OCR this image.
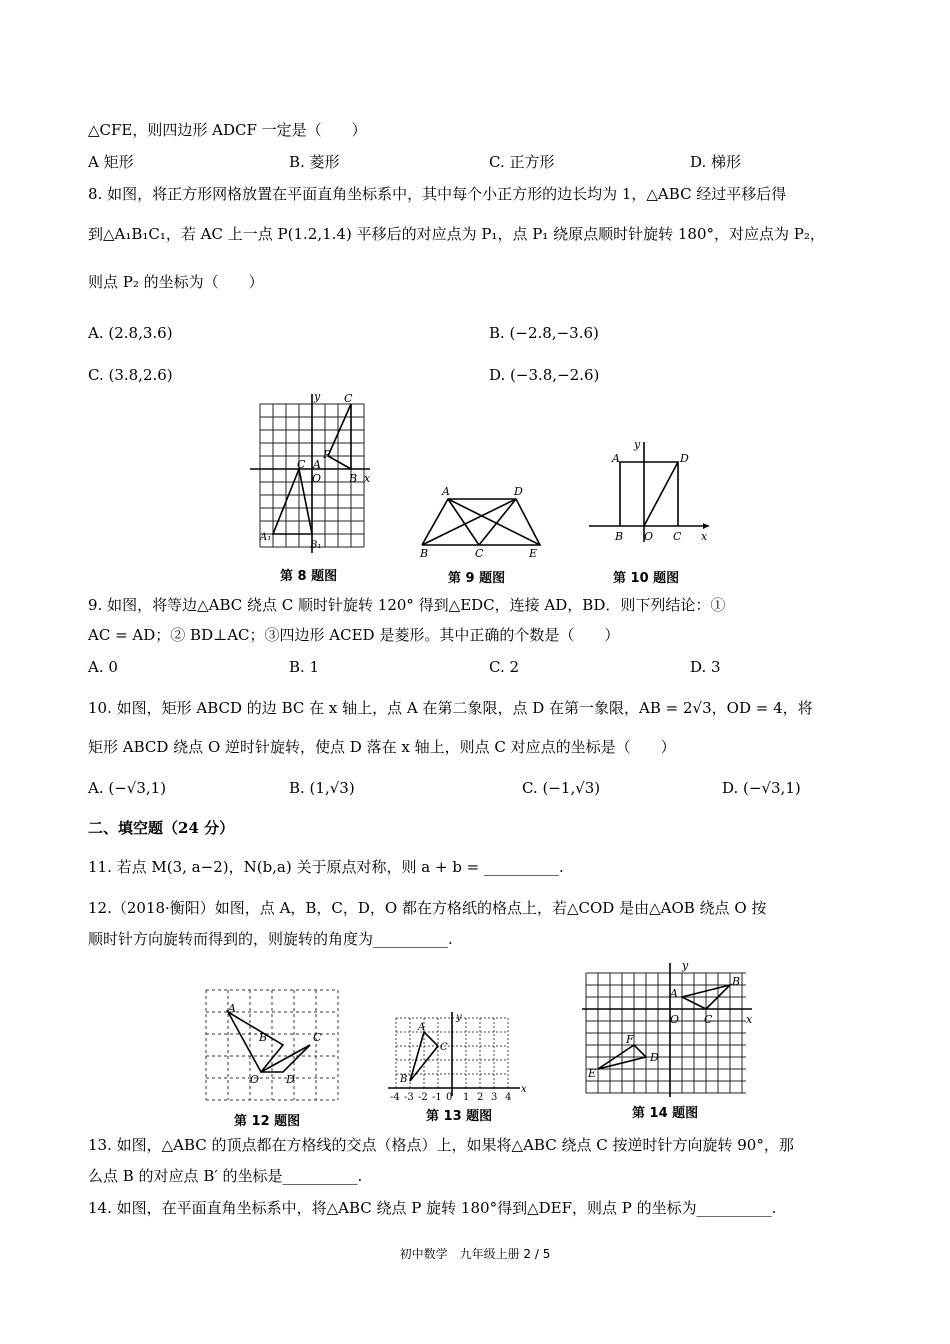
△CFE，则四边形 ADCF 一定是（　　）
A 矩形	B. 菱形	C. 正方形	D. 梯形
8. 如图，将正方形网格放置在平面直角坐标系中，其中每个小正方形的边长均为 1，△ABC 经过平移后得
到△A₁B₁C₁，若 AC 上一点 P(1.2,1.4) 平移后的对应点为 P₁，点 P₁ 绕原点顺时针旋转 180°，对应点为 P₂，
则点 P₂ 的坐标为（　　）
A. (2.8,3.6)	B. (−2.8,−3.6)
C. (3.8,2.6)	D. (−3.8,−2.6)
y C
C A
P
O	B x
A₁
B₁
第 8 题图
A	D
B	C	E
第 9 题图
y
A	D
B O C x
第 10 题图
9. 如图，将等边△ABC 绕点 C 顺时针旋转 120° 得到△EDC，连接 AD，BD．则下列结论：①
AC = AD；② BD⊥AC；③四边形 ACED 是菱形。其中正确的个数是（　　）
A. 0	B. 1	C. 2	D. 3
10. 如图，矩形 ABCD 的边 BC 在 x 轴上，点 A 在第二象限，点 D 在第一象限，AB = 2√3，OD = 4，将
矩形 ABCD 绕点 O 逆时针旋转，使点 D 落在 x 轴上，则点 C 对应点的坐标是（　　）
A. (−√3,1)	B. (1,√3)	C. (−1,√3)	D. (−√3,1)
二、填空题（24 分）
11. 若点 M(3, a−2)，N(b,a) 关于原点对称，则 a + b = __________.
12.（2018·衡阳）如图，点 A，B，C，D，O 都在方格纸的格点上，若△COD 是由△AOB 绕点 O 按
顺时针方向旋转而得到的，则旋转的角度为__________.
A
B	C
O D
第 12 题图
y
A
B
C
x
-4 -3 -2 -1 0 1 2 3 4
第 13 题图
y
B
A
O C	x
F
D
E
第 14 题图
13. 如图，△ABC 的顶点都在方格线的交点（格点）上，如果将△ABC 绕点 C 按逆时针方向旋转 90°，那
么点 B 的对应点 B′ 的坐标是__________.
14. 如图，在平面直角坐标系中，将△ABC 绕点 P 旋转 180°得到△DEF，则点 P 的坐标为__________.
初中数学　九年级上册 2 / 5
